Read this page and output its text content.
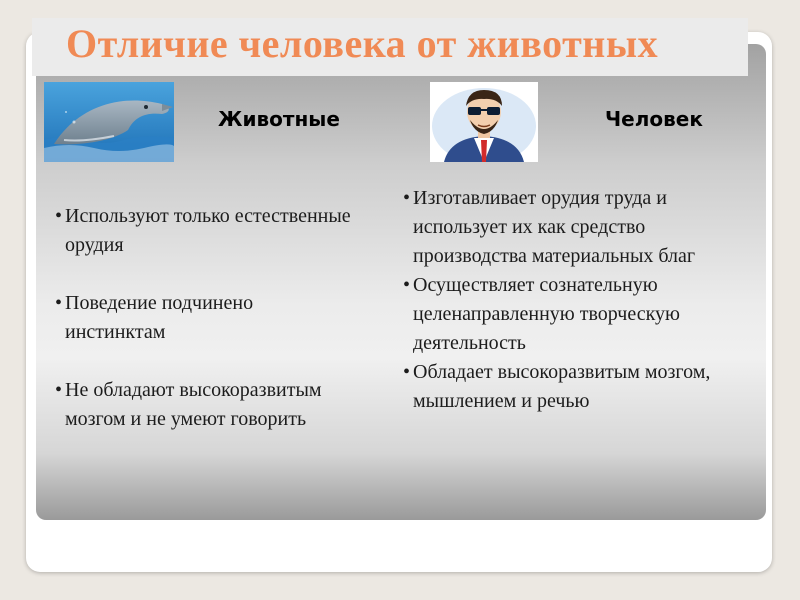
Отличие человека от животных
Животные	Человек
• Используют только естественные орудия
• Поведение подчинено инстинктам
• Не обладают высокоразвитым мозгом и не умеют говорить
• Изготавливает орудия труда и использует их как средство производства материальных благ
• Осуществляет сознательную целенаправленную творческую деятельность
• Обладает высокоразвитым мозгом, мышлением и речью
